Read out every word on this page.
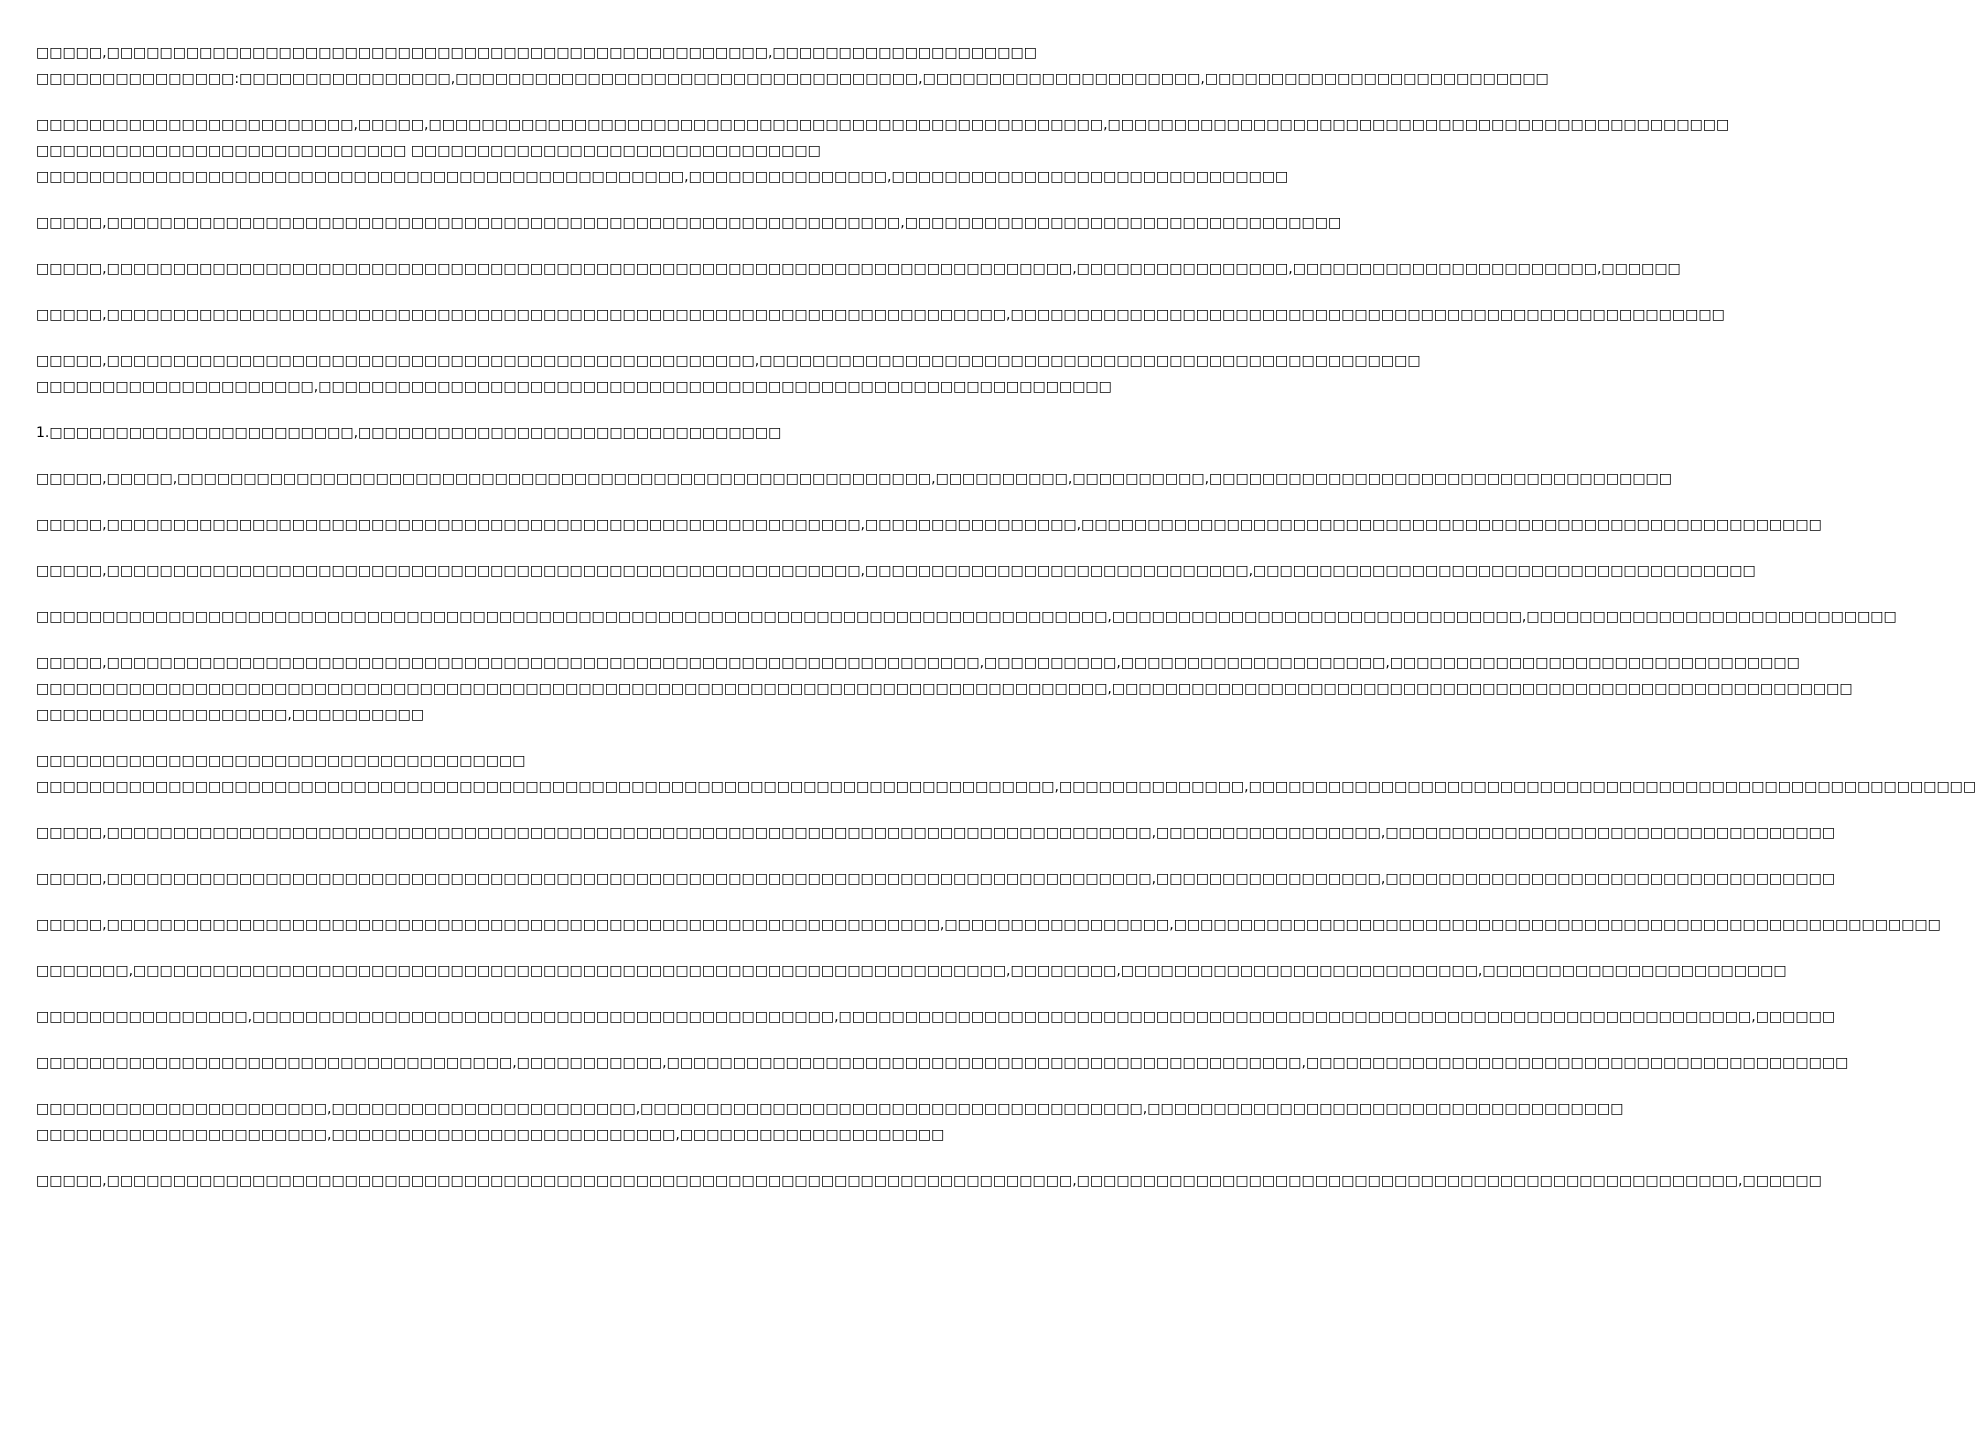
□□□□□,□□□□□□□□□□□□□□□□□□□□□□□□□□□□□□□□□□□□□□□□□□□□□□□□□□,□□□□□□□□□□□□□□□□□□□□
□□□□□□□□□□□□□□□:□□□□□□□□□□□□□□□□,□□□□□□□□□□□□□□□□□□□□□□□□□□□□□□□□□□□,□□□□□□□□□□□□□□□□□□□□□,□□□□□□□□□□□□□□□□□□□□□□□□□□
□□□□□□□□□□□□□□□□□□□□□□□□,□□□□□,□□□□□□□□□□□□□□□□□□□□□□□□□□□□□□□□□□□□□□□□□□□□□□□□□□□,□□□□□□□□□□□□□□□□□□□□□□□□□□□□□□□□□□□□□□□□□□□□□□□
□□□□□□□□□□□□□□□□□□□□□□□□□□□□ □□□□□□□□□□□□□□□□□□□□□□□□□□□□□□□
□□□□□□□□□□□□□□□□□□□□□□□□□□□□□□□□□□□□□□□□□□□□□□□□□,□□□□□□□□□□□□□□□,□□□□□□□□□□□□□□□□□□□□□□□□□□□□□□
□□□□□,□□□□□□□□□□□□□□□□□□□□□□□□□□□□□□□□□□□□□□□□□□□□□□□□□□□□□□□□□□□□,□□□□□□□□□□□□□□□□□□□□□□□□□□□□□□□□□
□□□□□,□□□□□□□□□□□□□□□□□□□□□□□□□□□□□□□□□□□□□□□□□□□□□□□□□□□□□□□□□□□□□□□□□□□□□□□□□,□□□□□□□□□□□□□□□□,□□□□□□□□□□□□□□□□□□□□□□□,□□□□□□
□□□□□,□□□□□□□□□□□□□□□□□□□□□□□□□□□□□□□□□□□□□□□□□□□□□□□□□□□□□□□□□□□□□□□□□□□□,□□□□□□□□□□□□□□□□□□□□□□□□□□□□□□□□□□□□□□□□□□□□□□□□□□□□□□
□□□□□,□□□□□□□□□□□□□□□□□□□□□□□□□□□□□□□□□□□□□□□□□□□□□□□□□,□□□□□□□□□□□□□□□□□□□□□□□□□□□□□□□□□□□□□□□□□□□□□□□□□□
□□□□□□□□□□□□□□□□□□□□□,□□□□□□□□□□□□□□□□□□□□□□□□□□□□□□□□□□□□□□□□□□□□□□□□□□□□□□□□□□□□
1.□□□□□□□□□□□□□□□□□□□□□□□,□□□□□□□□□□□□□□□□□□□□□□□□□□□□□□□□
□□□□□,□□□□□,□□□□□□□□□□□□□□□□□□□□□□□□□□□□□□□□□□□□□□□□□□□□□□□□□□□□□□□□□,□□□□□□□□□□,□□□□□□□□□□,□□□□□□□□□□□□□□□□□□□□□□□□□□□□□□□□□□□
□□□□□,□□□□□□□□□□□□□□□□□□□□□□□□□□□□□□□□□□□□□□□□□□□□□□□□□□□□□□□□□,□□□□□□□□□□□□□□□□,□□□□□□□□□□□□□□□□□□□□□□□□□□□□□□□□□□□□□□□□□□□□□□□□□□□□□□□□
□□□□□,□□□□□□□□□□□□□□□□□□□□□□□□□□□□□□□□□□□□□□□□□□□□□□□□□□□□□□□□□,□□□□□□□□□□□□□□□□□□□□□□□□□□□□□,□□□□□□□□□□□□□□□□□□□□□□□□□□□□□□□□□□□□□□
□□□□□□□□□□□□□□□□□□□□□□□□□□□□□□□□□□□□□□□□□□□□□□□□□□□□□□□□□□□□□□□□□□□□□□□□□□□□□□□□□,□□□□□□□□□□□□□□□□□□□□□□□□□□□□□□□,□□□□□□□□□□□□□□□□□□□□□□□□□□□□
□□□□□,□□□□□□□□□□□□□□□□□□□□□□□□□□□□□□□□□□□□□□□□□□□□□□□□□□□□□□□□□□□□□□□□□□,□□□□□□□□□□,□□□□□□□□□□□□□□□□□□□□,□□□□□□□□□□□□□□□□□□□□□□□□□□□□□□□
□□□□□□□□□□□□□□□□□□□□□□□□□□□□□□□□□□□□□□□□□□□□□□□□□□□□□□□□□□□□□□□□□□□□□□□□□□□□□□□□□,□□□□□□□□□□□□□□□□□□□□□□□□□□□□□□□□□□□□□□□□□□□□□□□□□□□□□□□□
□□□□□□□□□□□□□□□□□□□,□□□□□□□□□□
□□□□□□□□□□□□□□□□□□□□□□□□□□□□□□□□□□□□□
□□□□□□□□□□□□□□□□□□□□□□□□□□□□□□□□□□□□□□□□□□□□□□□□□□□□□□□□□□□□□□□□□□□□□□□□□□□□□,□□□□□□□□□□□□□□,□□□□□□□□□□□□□□□□□□□□□□□□□□□□□□□□□□□□□□□□□□□□□□□□□□□□□□□
□□□□□,□□□□□□□□□□□□□□□□□□□□□□□□□□□□□□□□□□□□□□□□□□□□□□□□□□□□□□□□□□□□□□□□□□□□□□□□□□□□□□□,□□□□□□□□□□□□□□□□□,□□□□□□□□□□□□□□□□□□□□□□□□□□□□□□□□□□
□□□□□,□□□□□□□□□□□□□□□□□□□□□□□□□□□□□□□□□□□□□□□□□□□□□□□□□□□□□□□□□□□□□□□□□□□□□□□□□□□□□□□,□□□□□□□□□□□□□□□□□,□□□□□□□□□□□□□□□□□□□□□□□□□□□□□□□□□□
□□□□□,□□□□□□□□□□□□□□□□□□□□□□□□□□□□□□□□□□□□□□□□□□□□□□□□□□□□□□□□□□□□□□□,□□□□□□□□□□□□□□□□□,□□□□□□□□□□□□□□□□□□□□□□□□□□□□□□□□□□□□□□□□□□□□□□□□□□□□□□□□□□
□□□□□□□,□□□□□□□□□□□□□□□□□□□□□□□□□□□□□□□□□□□□□□□□□□□□□□□□□□□□□□□□□□□□□□□□□□,□□□□□□□□,□□□□□□□□□□□□□□□□□□□□□□□□□□□,□□□□□□□□□□□□□□□□□□□□□□□
□□□□□□□□□□□□□□□□,□□□□□□□□□□□□□□□□□□□□□□□□□□□□□□□□□□□□□□□□□□□□,□□□□□□□□□□□□□□□□□□□□□□□□□□□□□□□□□□□□□□□□□□□□□□□□□□□□□□□□□□□□□□□□□□□□□,□□□□□□
□□□□□□□□□□□□□□□□□□□□□□□□□□□□□□□□□□□□,□□□□□□□□□□□,□□□□□□□□□□□□□□□□□□□□□□□□□□□□□□□□□□□□□□□□□□□□□□□□,□□□□□□□□□□□□□□□□□□□□□□□□□□□□□□□□□□□□□□□□□
□□□□□□□□□□□□□□□□□□□□□□,□□□□□□□□□□□□□□□□□□□□□□□,□□□□□□□□□□□□□□□□□□□□□□□□□□□□□□□□□□□□□□,□□□□□□□□□□□□□□□□□□□□□□□□□□□□□□□□□□□□
□□□□□□□□□□□□□□□□□□□□□□,□□□□□□□□□□□□□□□□□□□□□□□□□□,□□□□□□□□□□□□□□□□□□□□
□□□□□,□□□□□□□□□□□□□□□□□□□□□□□□□□□□□□□□□□□□□□□□□□□□□□□□□□□□□□□□□□□□□□□□□□□□□□□□□,□□□□□□□□□□□□□□□□□□□□□□□□□□□□□□□□□□□□□□□□□□□□□□□□□□,□□□□□□
